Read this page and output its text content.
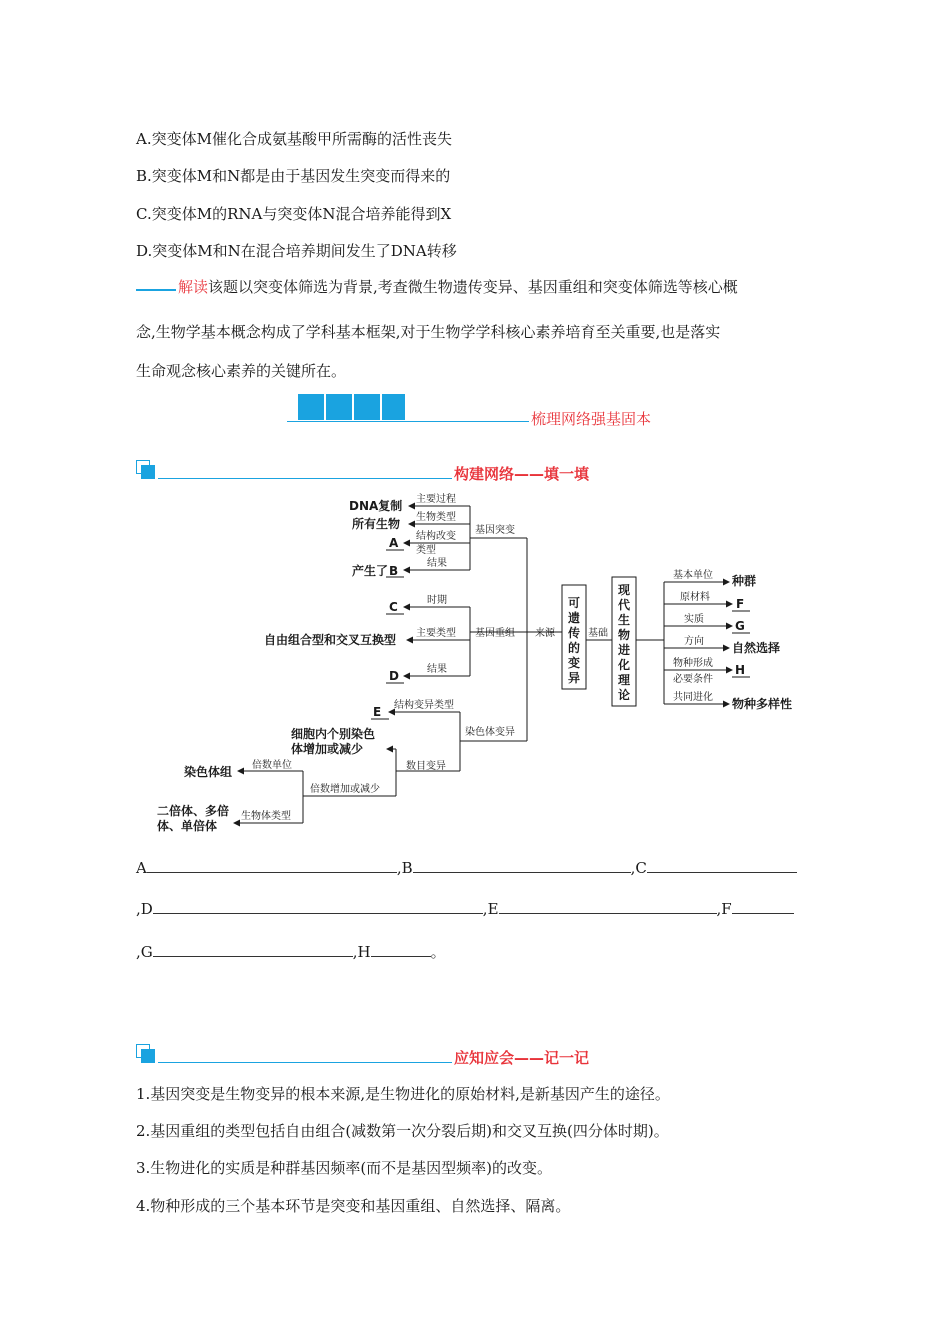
A.突变体M催化合成氨基酸甲所需酶的活性丧失
B.突变体M和N都是由于基因发生突变而得来的
C.突变体M的RNA与突变体N混合培养能得到X
D.突变体M和N在混合培养期间发生了DNA转移
解读该题以突变体筛选为背景,考查微生物遗传变异、基因重组和突变体筛选等核心概
念,生物学基本概念构成了学科基本框架,对于生物学学科核心素养培育至关重要,也是落实
生命观念核心素养的关键所在。
梳理网络强基固本
构建网络——填一填
DNA复制
所有生物
A
产生了 B
主要过程
生物类型
结构改变
类型
结果
基因突变
C	时期
自由组合型和交叉互换型 主要类型 基因重组 来源
D	结果
可
遗
传
的
变
异
现
代
生
物
进
化
理
论
基础
E 结构变异类型
细胞内个别染色
体增加或减少
染色体变异
数目变异
倍数单位
染色体组
倍数增加或减少
二倍体、多倍
体、单倍体
生物体类型
基本单位 种群
原材料 F
实质	G
方向 自然选择
物种形成
必要条件
H
共同进化 物种多样性
A	,B	,C
,D	,E	,F
,G	,H	。
应知应会——记一记
1.基因突变是生物变异的根本来源,是生物进化的原始材料,是新基因产生的途径。
2.基因重组的类型包括自由组合(减数第一次分裂后期)和交叉互换(四分体时期)。
3.生物进化的实质是种群基因频率(而不是基因型频率)的改变。
4.物种形成的三个基本环节是突变和基因重组、自然选择、隔离。
